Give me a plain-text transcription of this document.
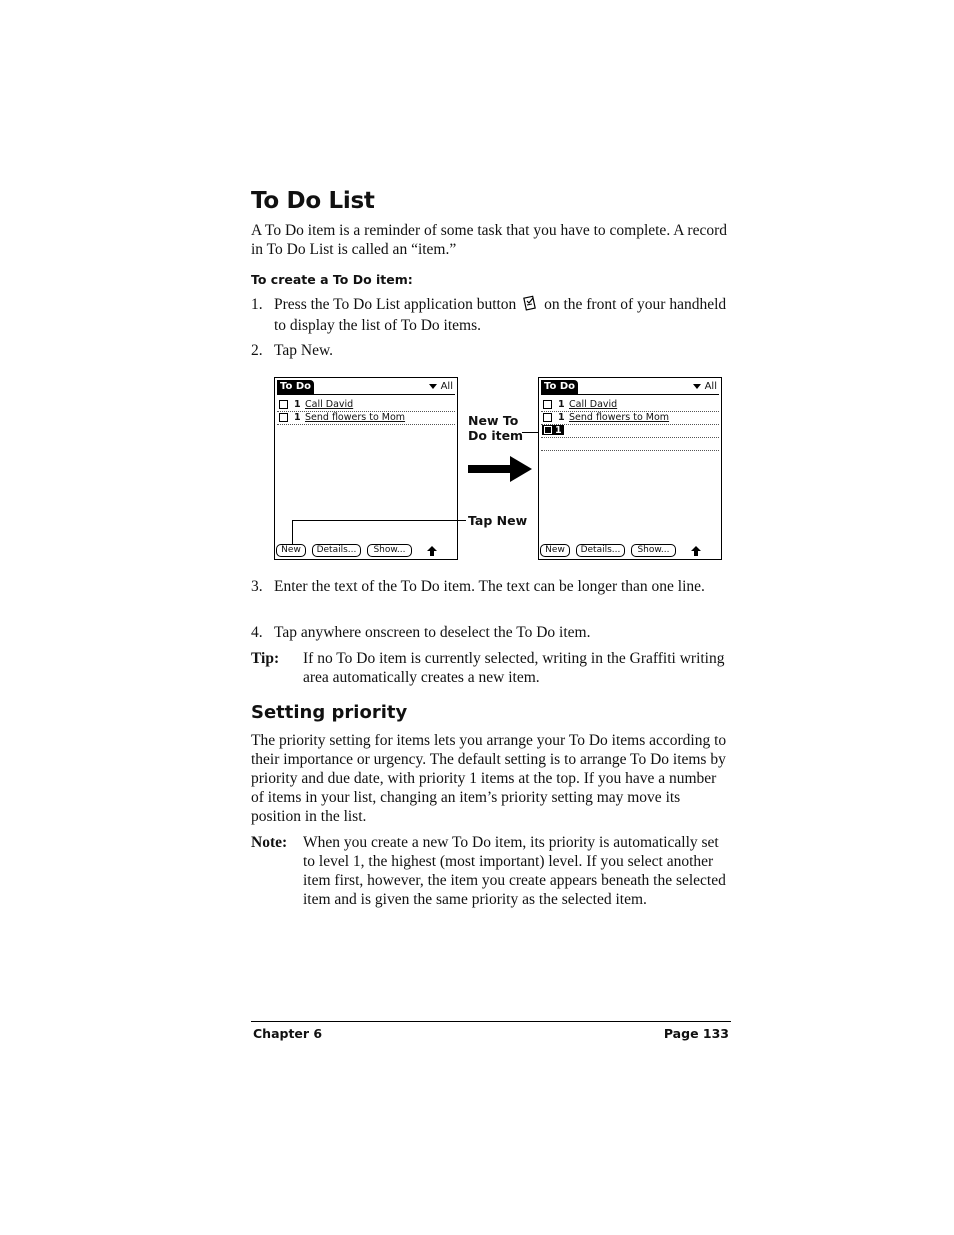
To Do List
A To Do item is a reminder of some task that you have to complete. A record in To Do List is called an “item.”
To create a To Do item:
1. Press the To Do List application button on the front of your handheld to display the list of To Do items.
2. Tap New.
To Do	All
1 Call David
1 Send flowers to Mom
New	Details...	Show...
New To Do item
Tap New
To Do	All
1 Call David
1 Send flowers to Mom
1
New	Details...	Show...
3. Enter the text of the To Do item. The text can be longer than one line.
4. Tap anywhere onscreen to deselect the To Do item.
Tip: If no To Do item is currently selected, writing in the Graffiti writing area automatically creates a new item.
Setting priority
The priority setting for items lets you arrange your To Do items according to their importance or urgency. The default setting is to arrange To Do items by priority and due date, with priority 1 items at the top. If you have a number of items in your list, changing an item’s priority setting may move its position in the list.
Note: When you create a new To Do item, its priority is automatically set to level 1, the highest (most important) level. If you select another item first, however, the item you create appears beneath the selected item and is given the same priority as the selected item.
Chapter 6	Page 133
